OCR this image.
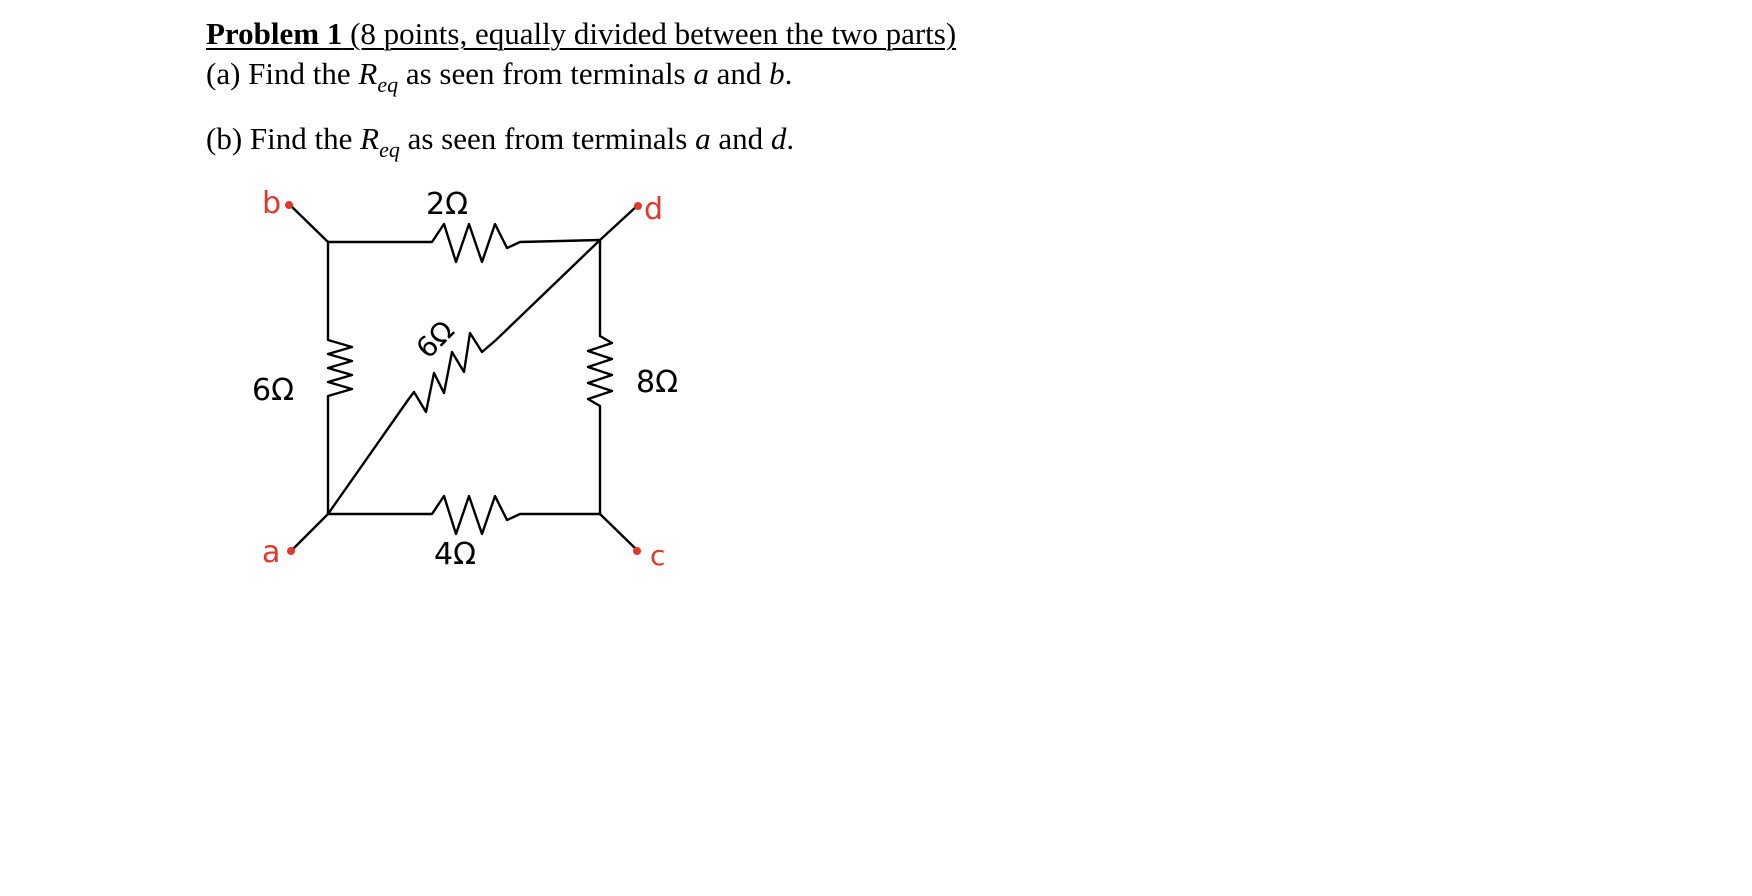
Problem 1 (8 points, equally divided between the two parts)
(a) Find the $R_{eq}$ as seen from terminals a and b.
(b) Find the $R_{eq}$ as seen from terminals a and d.
b	d
a	c
2Ω
6Ω	8Ω
6Ω
4Ω
